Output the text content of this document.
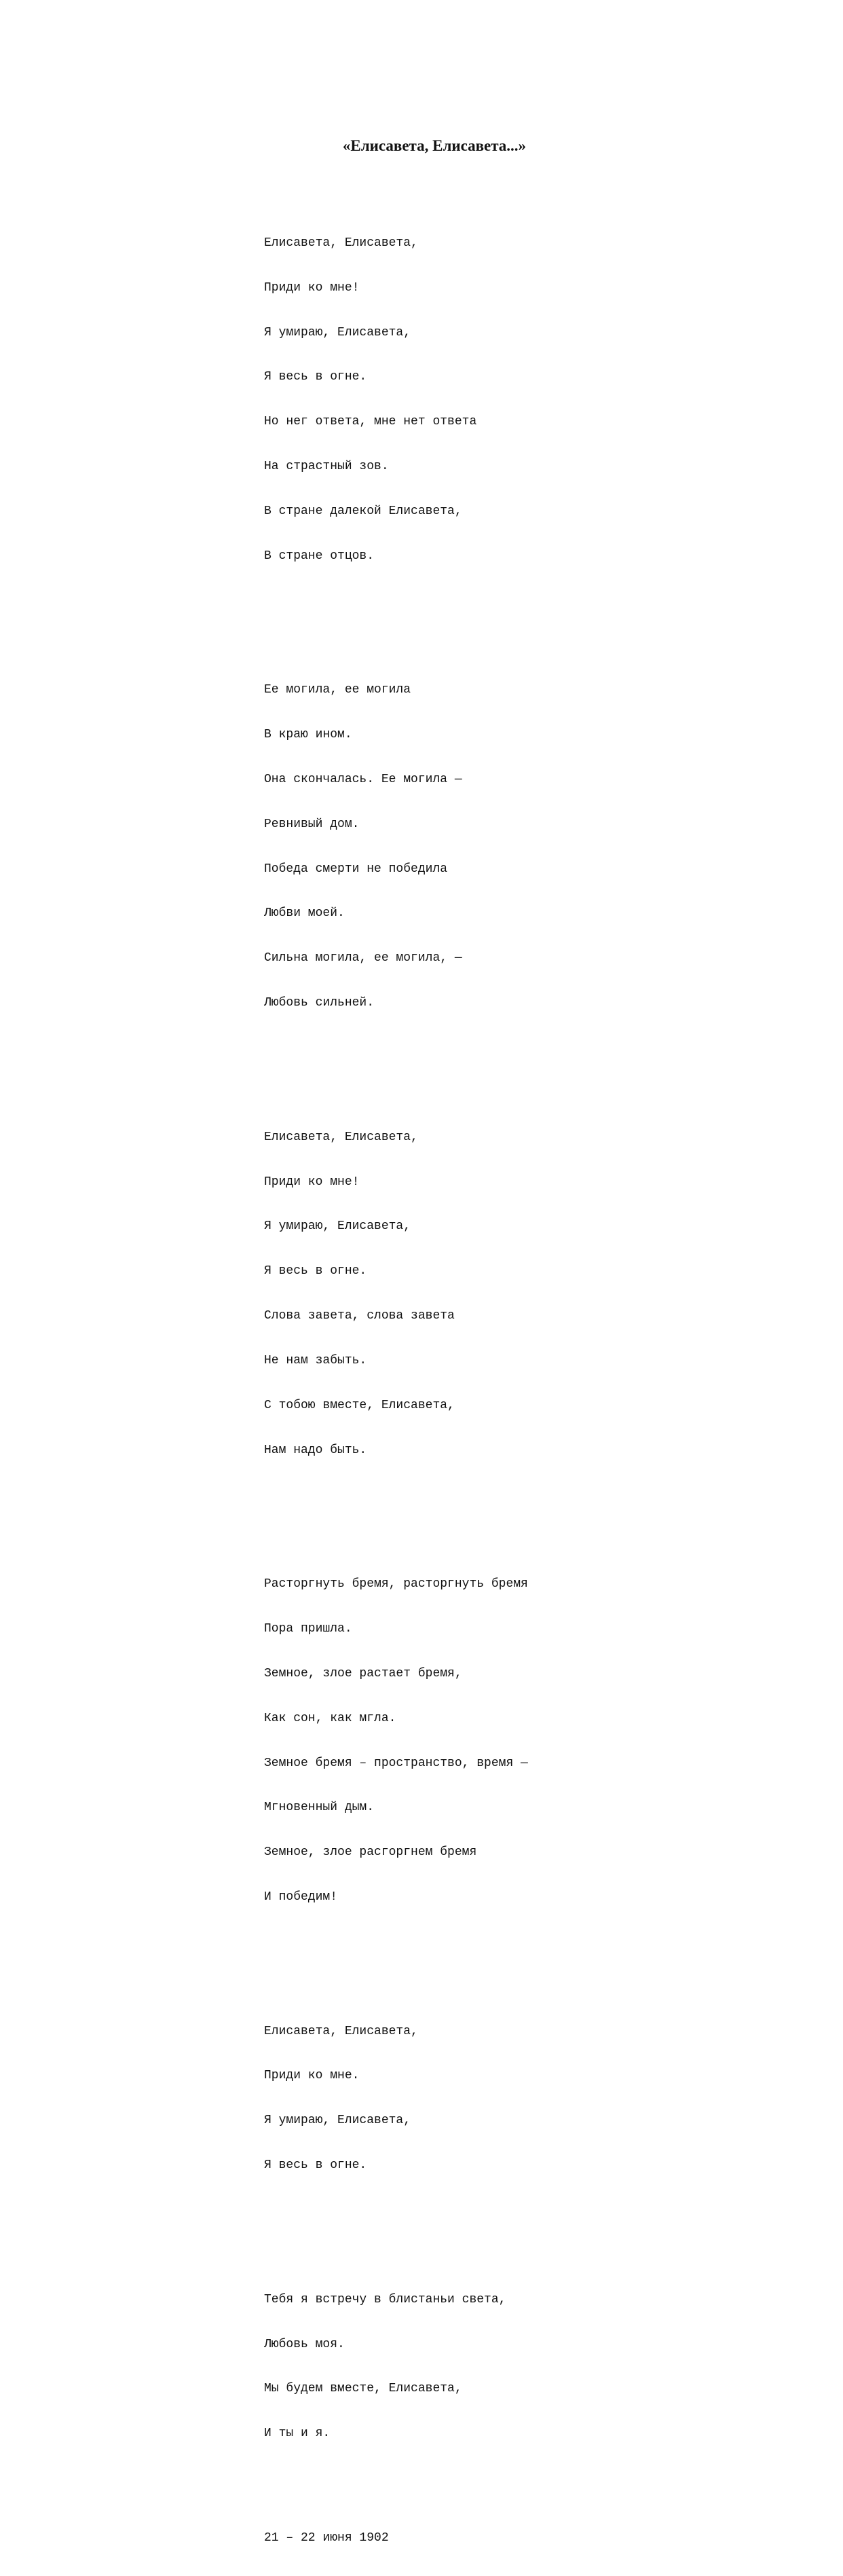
«Елисавета, Елисавета...»

Елисавета, Елисавета,

Приди ко мне!

Я умираю, Елисавета,

Я весь в огне.

Но нег ответа, мне нет ответа

На страстный зов.

В стране далекой Елисавета,

В стране отцов.

Ее могила, ее могила

В краю ином.

Она скончалась. Ее могила —

Ревнивый дом.

Победа смерти не победила

Любви моей.

Сильна могила, ее могила, —

Любовь сильней.

Елисавета, Елисавета,

Приди ко мне!

Я умираю, Елисавета,

Я весь в огне.

Слова завета, слова завета

Не нам забыть.

С тобою вместе, Елисавета,

Нам надо быть.

Расторгнуть бремя, расторгнуть бремя

Пора пришла.

Земное, злое растает бремя,

Как сон, как мгла.

Земное бремя – пространство, время —

Мгновенный дым.

Земное, злое расгоргнем бремя

И победим!

Елисавета, Елисавета,

Приди ко мне.

Я умираю, Елисавета,

Я весь в огне.

Тебя я встречу в блистаньи света,

Любовь моя.

Мы будем вместе, Елисавета,

И ты и я.

21 – 22 июня 1902
